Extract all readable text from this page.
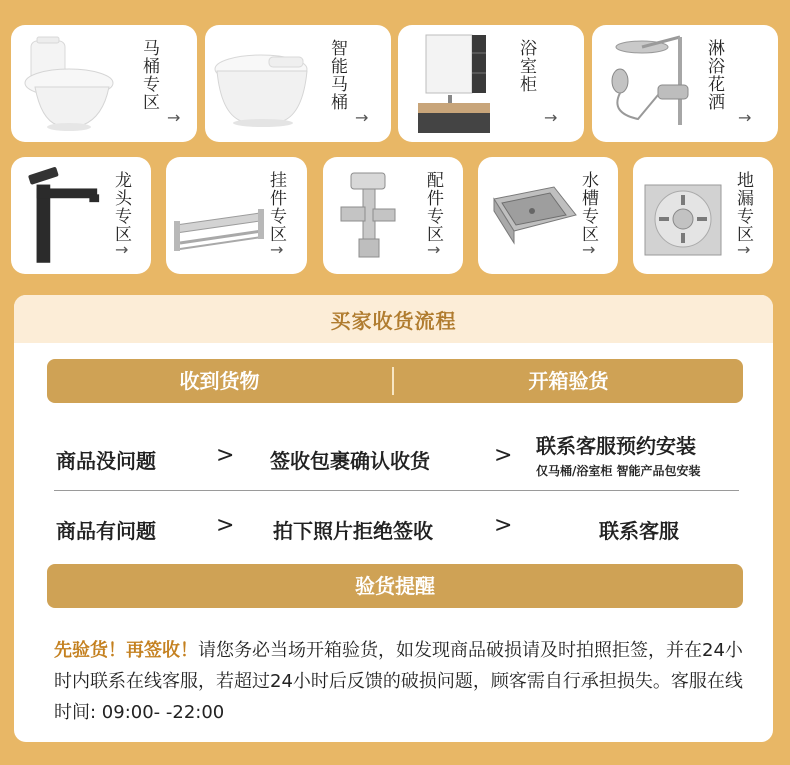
马桶专区
→
智能马桶
→
浴室柜
→
淋浴花洒
→
龙头专区
→
挂件专区
→
配件专区
→
水槽专区
→
地漏专区
→
买家收货流程
收到货物	开箱验货
商品没问题	> 签收包裹确认收货	> 联系客服预约安装
仅马桶/浴室柜 智能产品包安装
商品有问题	> 拍下照片拒绝签收	>	联系客服
验货提醒

先验货！再签收！请您务必当场开箱验货，如发现商品破损请及时拍照拒签，并在24小时内联系在线客服，若超过24小时后反馈的破损问题，顾客需自行承担损失。客服在线时间: 09:00- -22:00
